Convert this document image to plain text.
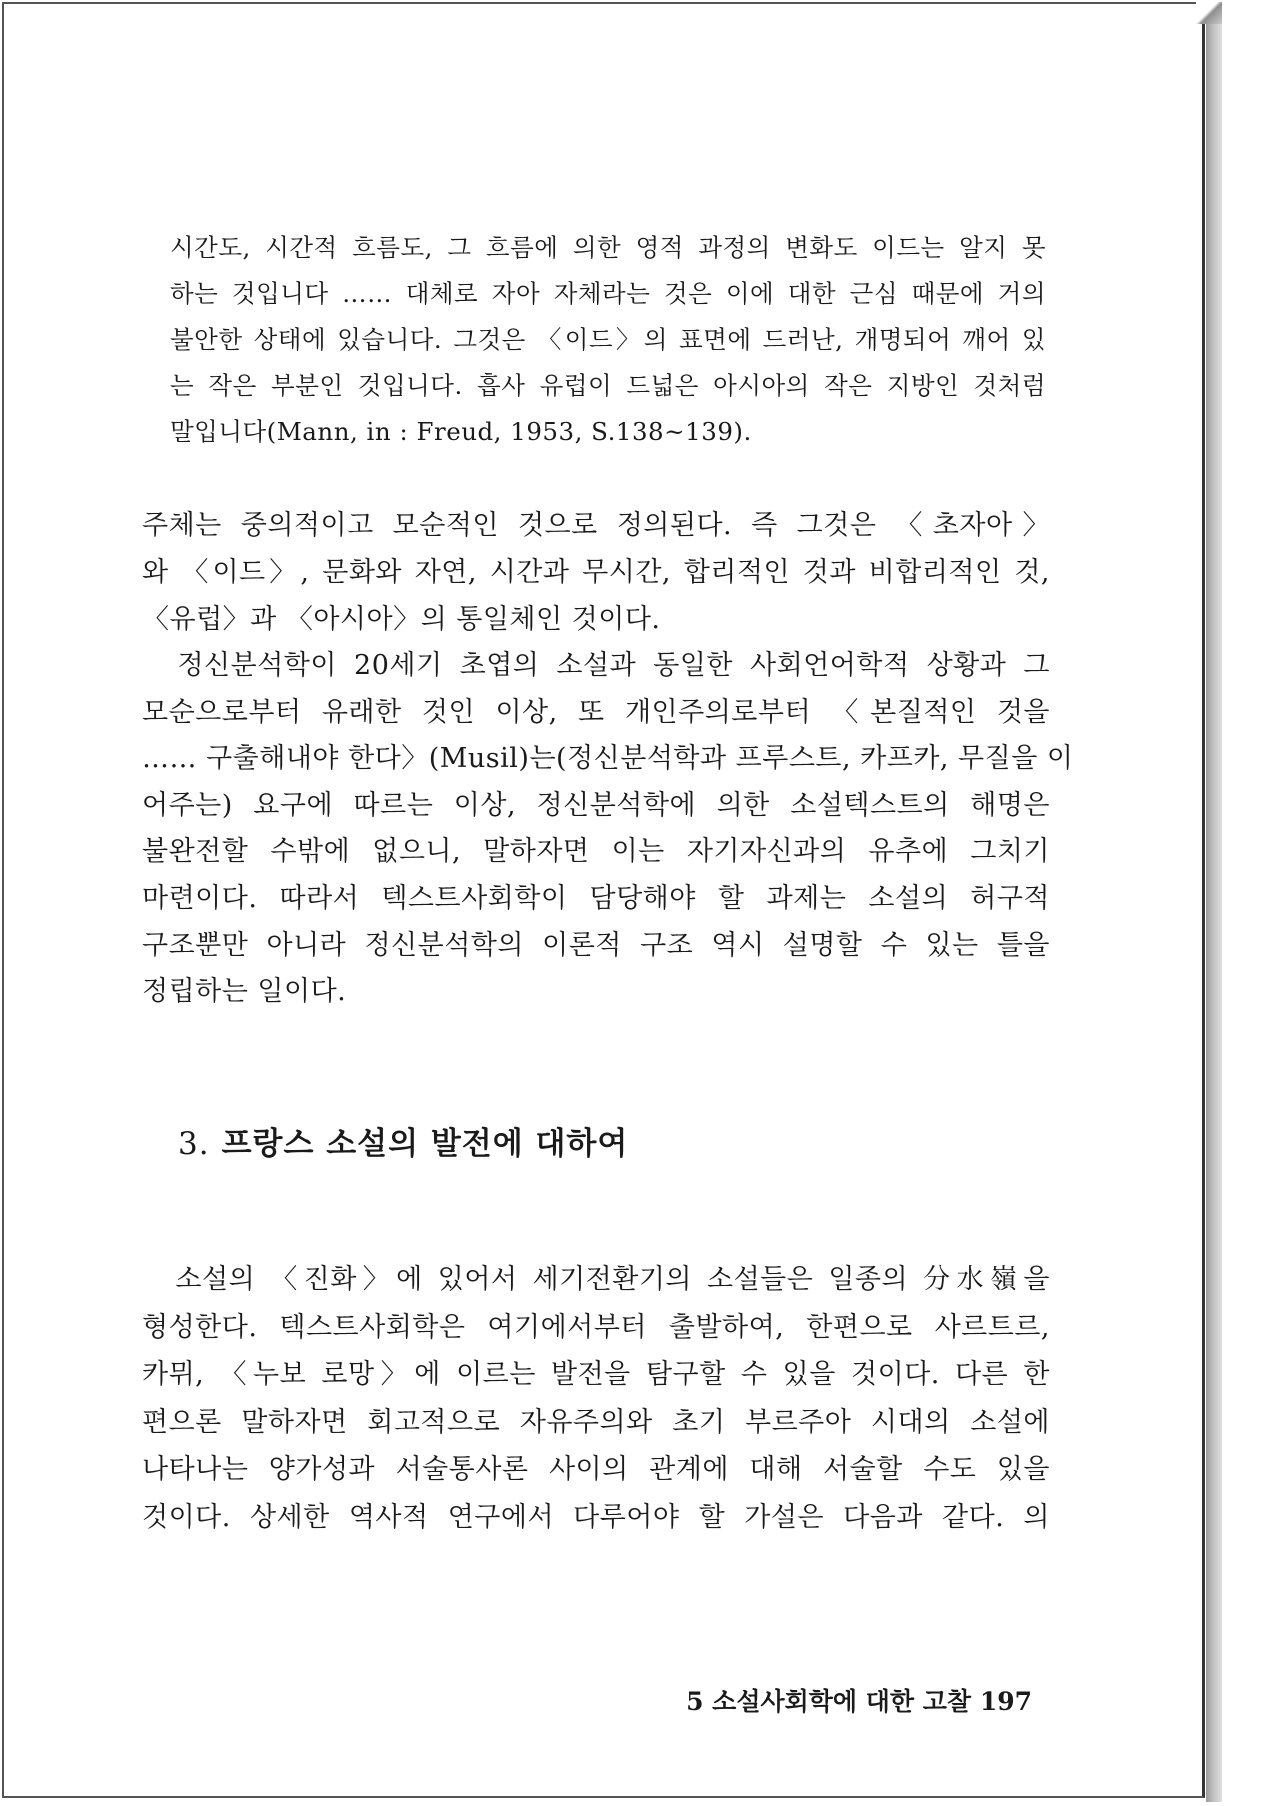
시간도, 시간적 흐름도, 그 흐름에 의한 영적 과정의 변화도 이드는 알지 못
하는 것입니다 …… 대체로 자아 자체라는 것은 이에 대한 근심 때문에 거의
불안한 상태에 있습니다. 그것은 〈이드〉의 표면에 드러난, 개명되어 깨어 있
는 작은 부분인 것입니다. 흡사 유럽이 드넓은 아시아의 작은 지방인 것처럼
말입니다(Mann, in : Freud, 1953, S.138~139).
주체는 중의적이고 모순적인 것으로 정의된다. 즉 그것은 〈초자아〉
와 〈이드〉, 문화와 자연, 시간과 무시간, 합리적인 것과 비합리적인 것,
〈유럽〉과 〈아시아〉의 통일체인 것이다.
　정신분석학이 20세기 초엽의 소설과 동일한 사회언어학적 상황과 그
모순으로부터 유래한 것인 이상, 또 개인주의로부터 〈본질적인 것을
…… 구출해내야 한다〉(Musil)는(정신분석학과 프루스트, 카프카, 무질을 이
어주는) 요구에 따르는 이상, 정신분석학에 의한 소설텍스트의 해명은
불완전할 수밖에 없으니, 말하자면 이는 자기자신과의 유추에 그치기
마련이다. 따라서 텍스트사회학이 담당해야 할 과제는 소설의 허구적
구조뿐만 아니라 정신분석학의 이론적 구조 역시 설명할 수 있는 틀을
정립하는 일이다.
3. 프랑스 소설의 발전에 대하여
　소설의 〈진화〉에 있어서 세기전환기의 소설들은 일종의 分水嶺을
형성한다. 텍스트사회학은 여기에서부터 출발하여, 한편으로 사르트르,
카뮈, 〈누보 로망〉에 이르는 발전을 탐구할 수 있을 것이다. 다른 한
편으론 말하자면 회고적으로 자유주의와 초기 부르주아 시대의 소설에
나타나는 양가성과 서술통사론 사이의 관계에 대해 서술할 수도 있을
것이다. 상세한 역사적 연구에서 다루어야 할 가설은 다음과 같다. 의

5 소설사회학에 대한 고찰 197
